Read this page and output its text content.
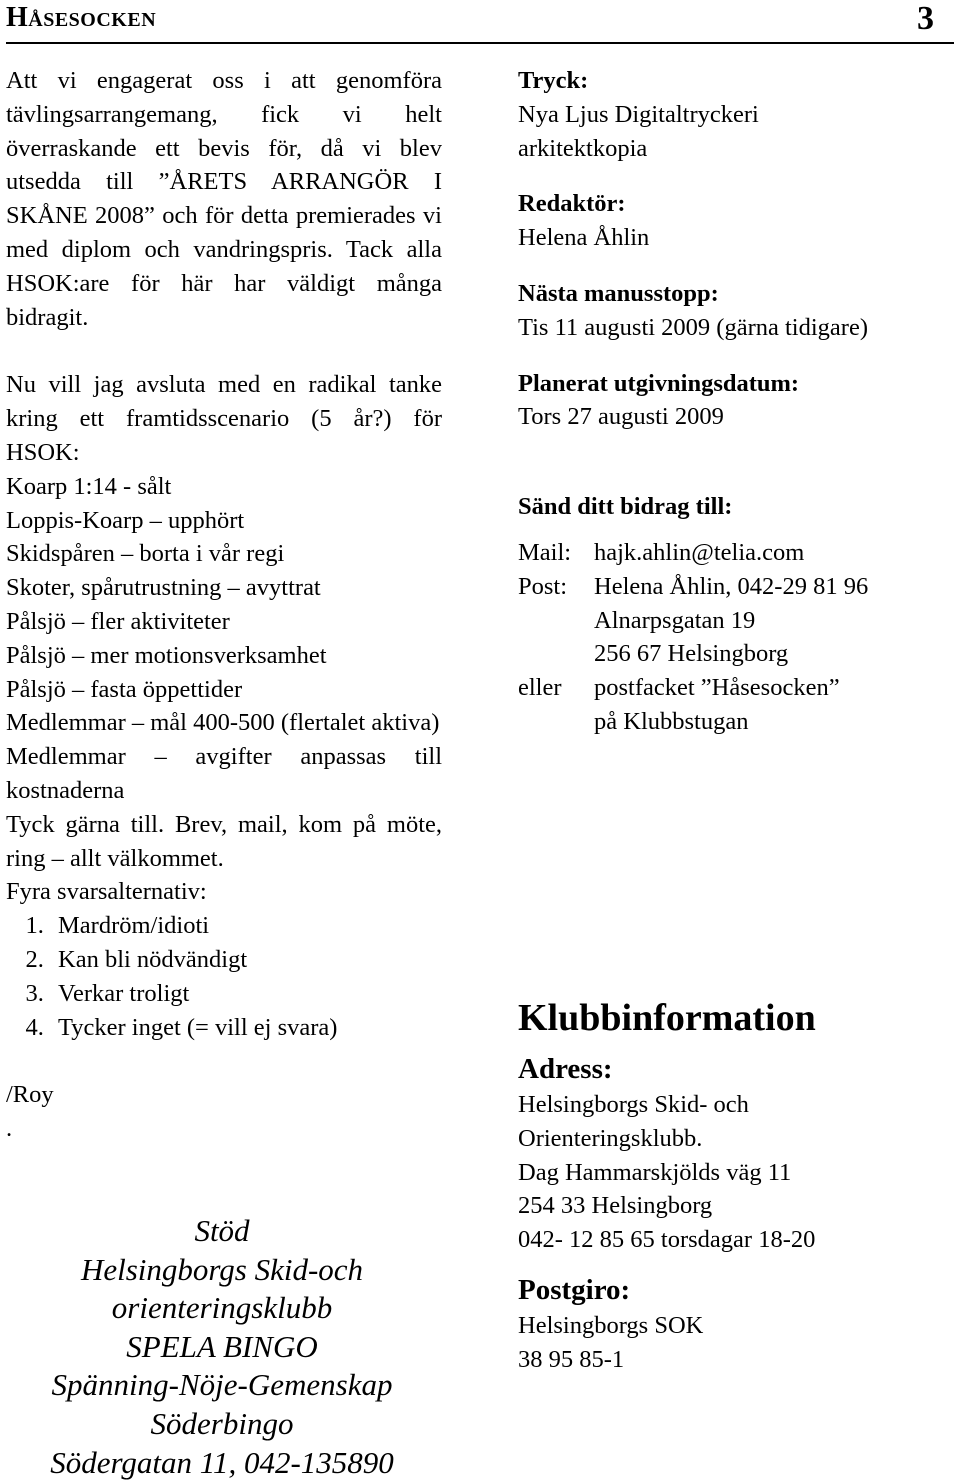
Håsesocken	3

Att vi engagerat oss i att genomföra tävlingsarrangemang, fick vi helt överraskande ett bevis för, då vi blev utsedda till ”ÅRETS ARRANGÖR I SKÅNE 2008” och för detta premierades vi med diplom och vandringspris. Tack alla HSOK:are för här har väldigt många bidragit.

Nu vill jag avsluta med en radikal tanke kring ett framtidsscenario (5 år?) för HSOK:

Koarp 1:14 - sålt

Loppis-Koarp – upphört

Skidspåren – borta i vår regi

Skoter, spårutrustning – avyttrat

Pålsjö – fler aktiviteter

Pålsjö – mer motionsverksamhet

Pålsjö – fasta öppettider

Medlemmar – mål 400-500 (flertalet aktiva)

Medlemmar – avgifter anpassas till kostnaderna

Tyck gärna till. Brev, mail, kom på möte, ring – allt välkommet.

Fyra svarsalternativ:

1. Mardröm/idioti
2. Kan bli nödvändigt
3. Verkar troligt
4. Tycker inget (= vill ej svara)

/Roy

.

Stöd
Helsingborgs Skid-och
orienteringsklubb
SPELA BINGO
Spänning-Nöje-Gemenskap
Söderbingo
Södergatan 11, 042-135890
Tryck:
Nya Ljus Digitaltryckeri arkitektkopia
Redaktör:
Helena Åhlin
Nästa manusstopp:
Tis 11 augusti 2009 (gärna tidigare)
Planerat utgivningsdatum:
Tors 27 augusti 2009
Sänd ditt bidrag till:
Mail: hajk.ahlin@telia.com
Post:	Helena Åhlin, 042-29 81 96
Alnarpsgatan 19
256 67 Helsingborg
eller	postfacket ”Håsesocken”
på Klubbstugan
Klubbinformation
Adress:
Helsingborgs Skid- och Orienteringsklubb.
Dag Hammarskjölds väg 11
254 33 Helsingborg
042- 12 85 65 torsdagar 18-20
Postgiro:
Helsingborgs SOK
38 95 85-1
